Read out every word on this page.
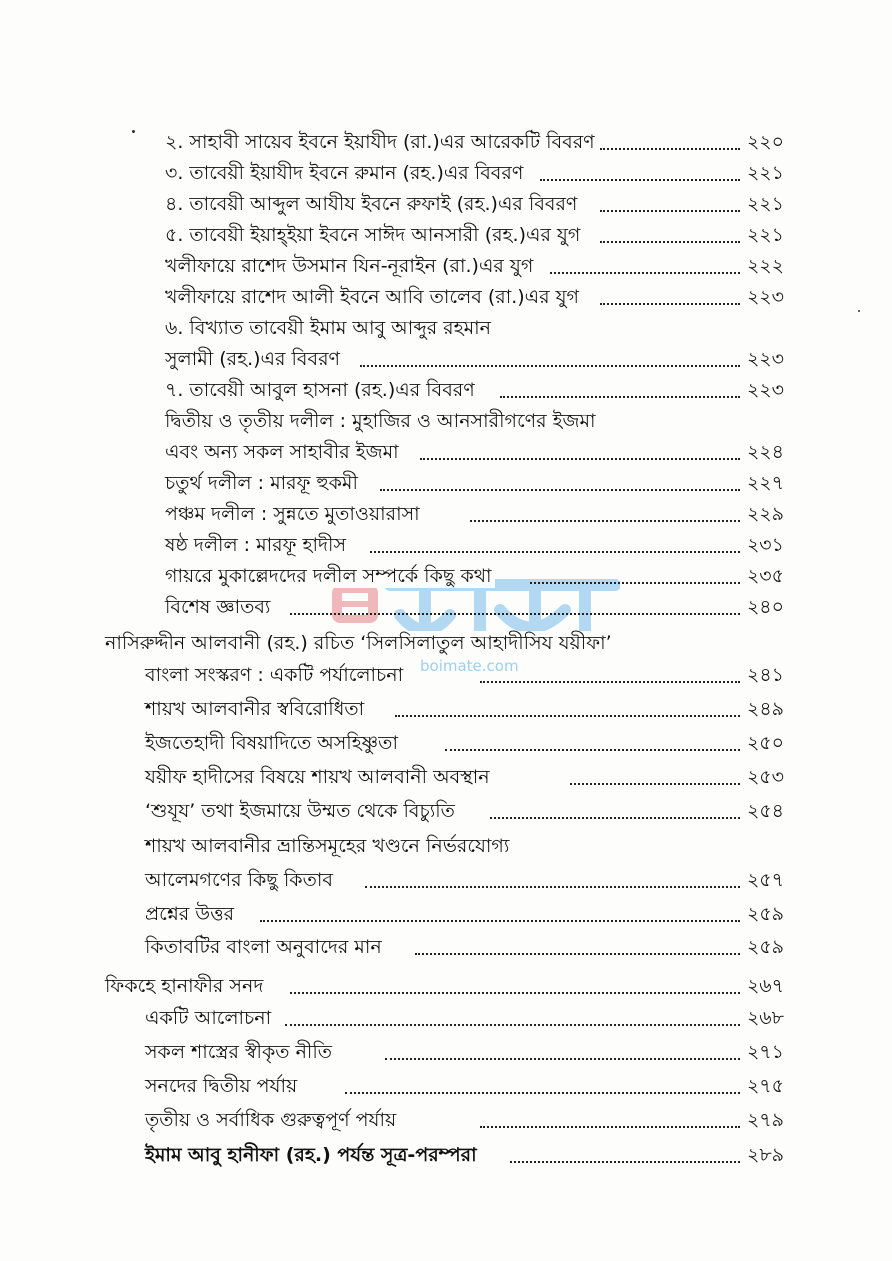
boimate.com
২. সাহাবী সায়েব ইবনে ইয়াযীদ (রা.)এর আরেকটি বিবরণ	২২০
৩. তাবেয়ী ইয়াযীদ ইবনে রুমান (রহ.)এর বিবরণ	২২১
৪. তাবেয়ী আব্দুল আযীয ইবনে রুফাই (রহ.)এর বিবরণ	২২১
৫. তাবেয়ী ইয়াহ্ইয়া ইবনে সাঈদ আনসারী (রহ.)এর যুগ	২২১
খলীফায়ে রাশেদ উসমান যিন-নূরাইন (রা.)এর যুগ	২২২
খলীফায়ে রাশেদ আলী ইবনে আবি তালেব (রা.)এর যুগ	২২৩
৬. বিখ্যাত তাবেয়ী ইমাম আবু আব্দুর রহমান
সুলামী (রহ.)এর বিবরণ	২২৩
৭. তাবেয়ী আবুল হাসনা (রহ.)এর বিবরণ	২২৩
দ্বিতীয় ও তৃতীয় দলীল : মুহাজির ও আনসারীগণের ইজমা
এবং অন্য সকল সাহাবীর ইজমা	২২৪
চতুর্থ দলীল : মারফূ হুকমী	২২৭
পঞ্চম দলীল : সুন্নতে মুতাওয়ারাসা	২২৯
ষষ্ঠ দলীল : মারফূ হাদীস	২৩১
গায়রে মুকাল্লেদদের দলীল সম্পর্কে কিছু কথা	২৩৫
বিশেষ জ্ঞাতব্য	২৪০
নাসিরুদ্দীন আলবানী (রহ.) রচিত ‘সিলসিলাতুল আহাদীসিয যয়ীফা’
বাংলা সংস্করণ : একটি পর্যালোচনা	২৪১
শায়খ আলবানীর স্ববিরোধিতা	২৪৯
ইজতেহাদী বিষয়াদিতে অসহিষ্ণুতা	২৫০
যয়ীফ হাদীসের বিষয়ে শায়খ আলবানী অবস্থান	২৫৩
‘শুযূয’ তথা ইজমায়ে উম্মত থেকে বিচ্যুতি	২৫৪
শায়খ আলবানীর ভ্রান্তিসমূহের খণ্ডনে নির্ভরযোগ্য
আলেমগণের কিছু কিতাব	২৫৭
প্রশ্নের উত্তর	২৫৯
কিতাবটির বাংলা অনুবাদের মান	২৫৯
ফিকহে হানাফীর সনদ	২৬৭
একটি আলোচনা	২৬৮
সকল শাস্ত্রের স্বীকৃত নীতি	২৭১
সনদের দ্বিতীয় পর্যায়	২৭৫
তৃতীয় ও সর্বাধিক গুরুত্বপূর্ণ পর্যায়	২৭৯
ইমাম আবু হানীফা (রহ.) পর্যন্ত সূত্র-পরম্পরা	২৮৯
